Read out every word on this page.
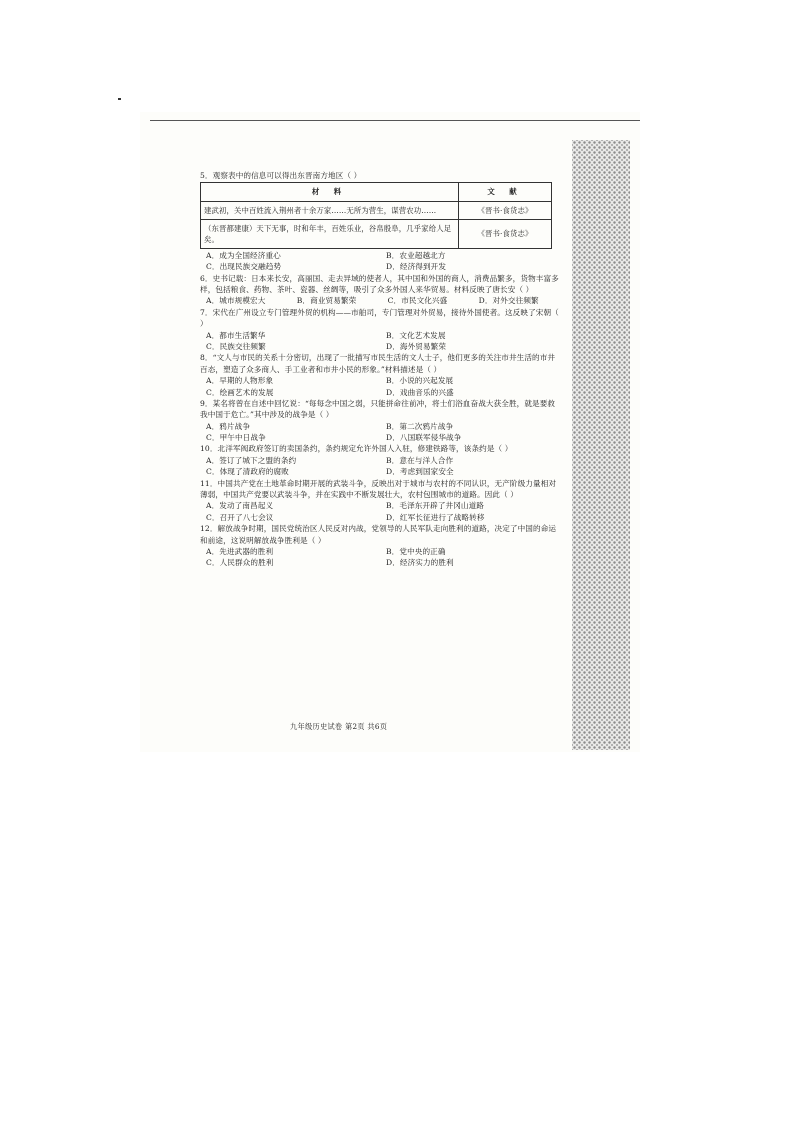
5．观察表中的信息可以得出东晋南方地区（ ）

材 料	文 献
建武初，关中百姓流入荆州者十余万家……无所为营生，谋营农功……	《晋书·食货志》
（东晋都建康）天下无事，时和年丰，百姓乐业，谷帛殷阜，几乎家给人足矣。	《晋书·食货志》
A．成为全国经济重心	B．农业超越北方
C．出现民族交融趋势	D．经济得到开发

6．史书记载：日本来长安，高丽国、走去异域的使者人，其中国和外国的商人，消费品繁多，货物丰富多样，包括粮食、药物、茶叶、瓷器、丝绸等，吸引了众多外国人来华贸易。材料反映了唐长安（ ）

A．城市规模宏大	B．商业贸易繁荣	C．市民文化兴盛	D．对外交往频繁

7．宋代在广州设立专门管理外贸的机构——市舶司，专门管理对外贸易，接待外国使者。这反映了宋朝（ ）

A．都市生活繁华	B．文化艺术发展
C．民族交往频繁	D．海外贸易繁荣

8．“文人与市民的关系十分密切，出现了一批描写市民生活的文人士子，他们更多的关注市井生活的市井百态，塑造了众多商人、手工业者和市井小民的形象。”材料描述是（ ）

A．早期的人物形象	B．小说的兴起发展
C．绘画艺术的发展	D．戏曲音乐的兴盛

9．某名将曾在自述中回忆说：“每每念中国之弱，只能拼命往前冲，将士们浴血奋战大获全胜，就是要救我中国于危亡。”其中涉及的战争是（ ）

A．鸦片战争	B．第二次鸦片战争
C．甲午中日战争	D．八国联军侵华战争

10．北洋军阀政府签订的卖国条约，条约规定允许外国人入驻，修建铁路等，该条约是（ ）

A．签订了城下之盟的条约	B．意在与洋人合作
C．体现了清政府的腐败	D．考虑到国家安全

11．中国共产党在土地革命时期开展的武装斗争，反映出对于城市与农村的不同认识，无产阶级力量相对薄弱，中国共产党要以武装斗争，并在实践中不断发展壮大，农村包围城市的道路。因此（ ）

A．发动了南昌起义	B．毛泽东开辟了井冈山道路
C．召开了八七会议	D．红军长征进行了战略转移

12．解放战争时期，国民党统治区人民反对内战，党领导的人民军队走向胜利的道路，决定了中国的命运和前途，这说明解放战争胜利是（ ）

A．先进武器的胜利	B．党中央的正确
C．人民群众的胜利	D．经济实力的胜利
九年级历史试卷 第2页 共6页
